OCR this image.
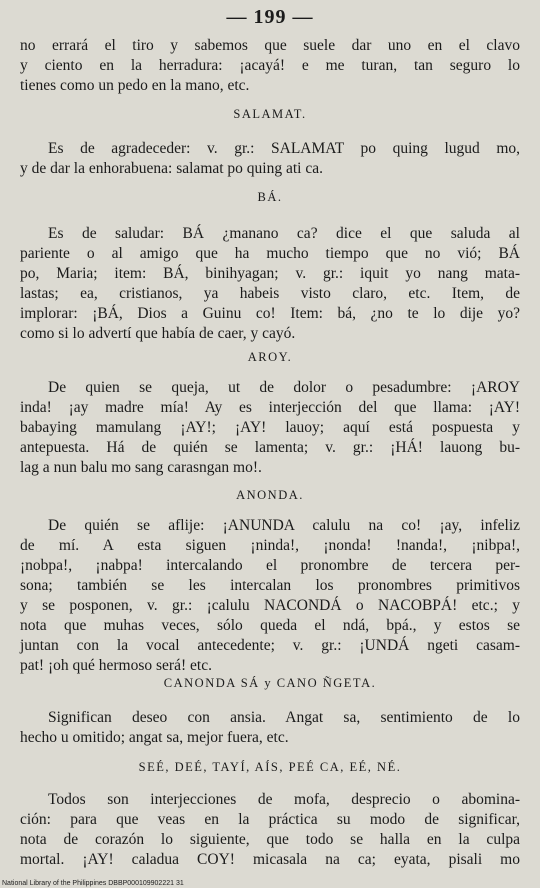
— 199 —
no errará el tiro y sabemos que suele dar uno en el clavo
y ciento en la herradura: ¡acayá! e me turan, tan seguro lo
tienes como un pedo en la mano, etc.
SALAMAT.
Es de agradeceder: v. gr.: SALAMAT po quing lugud mo,
y de dar la enhorabuena: salamat po quing ati ca.
BÁ.
Es de saludar: BÁ ¿manano ca? dice el que saluda al
pariente o al amigo que ha mucho tiempo que no vió; BÁ
po, Maria; item: BÁ, binihyagan; v. gr.: iquit yo nang mata-
lastas; ea, cristianos, ya habeis visto claro, etc. Item, de
implorar: ¡BÁ, Dios a Guinu co! Item: bá, ¿no te lo dije yo?
como si lo advertí que había de caer, y cayó.
AROY.
De quien se queja, ut de dolor o pesadumbre: ¡AROY
inda! ¡ay madre mía! Ay es interjección del que llama: ¡AY!
babaying mamulang ¡AY!; ¡AY! lauoy; aquí está pospuesta y
antepuesta. Há de quién se lamenta; v. gr.: ¡HÁ! lauong bu-
lag a nun balu mo sang carasngan mo!.
ANONDA.
De quién se aflije: ¡ANUNDA calulu na co! ¡ay, infeliz
de mí. A esta siguen ¡ninda!, ¡nonda! !nanda!, ¡nibpa!,
¡nobpa!, ¡nabpa! intercalando el pronombre de tercera per-
sona; también se les intercalan los pronombres primitivos
y se posponen, v. gr.: ¡calulu NACONDÁ o NACOBPÁ! etc.; y
nota que muhas veces, sólo queda el ndá, bpá., y estos se
juntan con la vocal antecedente; v. gr.: ¡UNDÁ ngeti casam-
pat! ¡oh qué hermoso será! etc.
CANONDA SÁ y CANO ÑGETA.
Significan deseo con ansia. Angat sa, sentimiento de lo
hecho u omitido; angat sa, mejor fuera, etc.
SEÉ, DEÉ, TAYÍ, AÍS, PEÉ CA, EÉ, NÉ.
Todos son interjecciones de mofa, desprecio o abomina-
ción: para que veas en la práctica su modo de significar,
nota de corazón lo siguiente, que todo se halla en la culpa
mortal. ¡AY! caladua COY! micasala na ca; eyata, pisali mo
National Library of the Philippines DBBP000109902221 31
